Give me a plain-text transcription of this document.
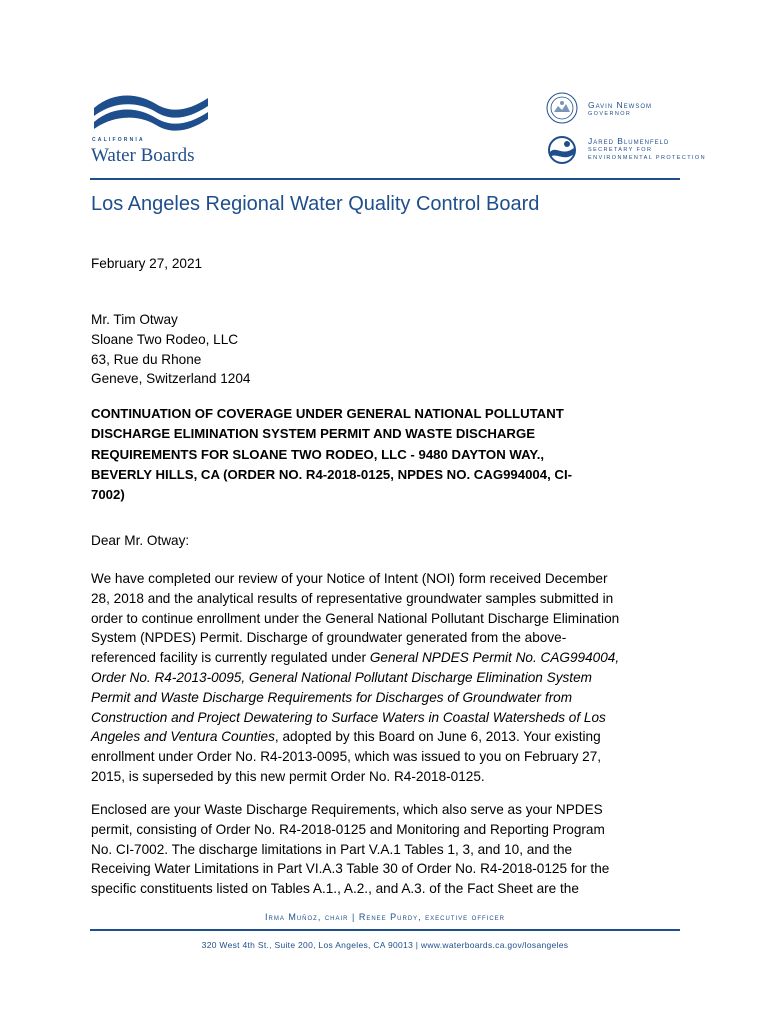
CALIFORNIA
Water Boards
Gavin Newsom
GOVERNOR
Jared Blumenfeld
SECRETARY FOR
ENVIRONMENTAL PROTECTION
Los Angeles Regional Water Quality Control Board
February 27, 2021
Mr. Tim Otway
Sloane Two Rodeo, LLC
63, Rue du Rhone
Geneve, Switzerland 1204
CONTINUATION OF COVERAGE UNDER GENERAL NATIONAL POLLUTANT
DISCHARGE ELIMINATION SYSTEM PERMIT AND WASTE DISCHARGE
REQUIREMENTS FOR SLOANE TWO RODEO, LLC - 9480 DAYTON WAY.,
BEVERLY HILLS, CA (ORDER NO. R4-2018-0125, NPDES NO. CAG994004, CI-
7002)
Dear Mr. Otway:
We have completed our review of your Notice of Intent (NOI) form received December
28, 2018 and the analytical results of representative groundwater samples submitted in
order to continue enrollment under the General National Pollutant Discharge Elimination
System (NPDES) Permit. Discharge of groundwater generated from the above-
referenced facility is currently regulated under General NPDES Permit No. CAG994004,
Order No. R4-2013-0095, General National Pollutant Discharge Elimination System
Permit and Waste Discharge Requirements for Discharges of Groundwater from
Construction and Project Dewatering to Surface Waters in Coastal Watersheds of Los
Angeles and Ventura Counties, adopted by this Board on June 6, 2013. Your existing
enrollment under Order No. R4-2013-0095, which was issued to you on February 27,
2015, is superseded by this new permit Order No. R4-2018-0125.
Enclosed are your Waste Discharge Requirements, which also serve as your NPDES
permit, consisting of Order No. R4-2018-0125 and Monitoring and Reporting Program
No. CI-7002. The discharge limitations in Part V.A.1 Tables 1, 3, and 10, and the
Receiving Water Limitations in Part VI.A.3 Table 30 of Order No. R4-2018-0125 for the
specific constituents listed on Tables A.1., A.2., and A.3. of the Fact Sheet are the
Irma Muñoz, chair | Renee Purdy, executive officer
320 West 4th St., Suite 200, Los Angeles, CA 90013 | www.waterboards.ca.gov/losangeles
